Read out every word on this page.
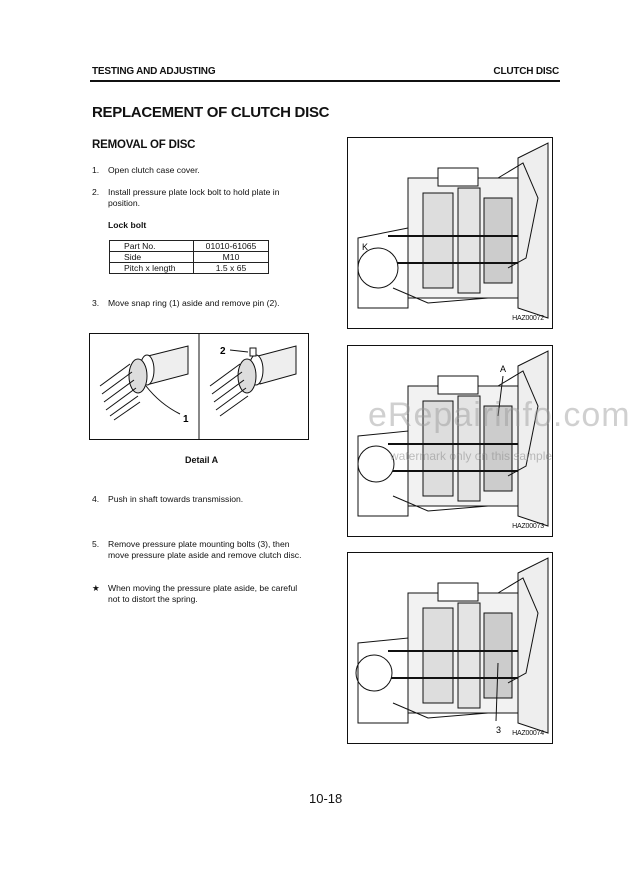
TESTING AND ADJUSTING	CLUTCH DISC
REPLACEMENT OF CLUTCH DISC
REMOVAL OF DISC
1. Open clutch case cover.
2. Install pressure plate lock bolt to hold plate in position.
Lock bolt
Part No.	01010-61065
Side	M10
Pitch x length	1.5 x 65
3. Move snap ring (1) aside and remove pin (2).
1
2
Detail A
4. Push in shaft towards transmission.
5. Remove pressure plate mounting bolts (3), then move pressure plate aside and remove clutch disc.
★ When moving the pressure plate aside, be careful not to distort the spring.
K
HAZ00072
A
HAZ00073
3 HAZ00074
eRepairinfo.com
watermark only on this sample
10-18
